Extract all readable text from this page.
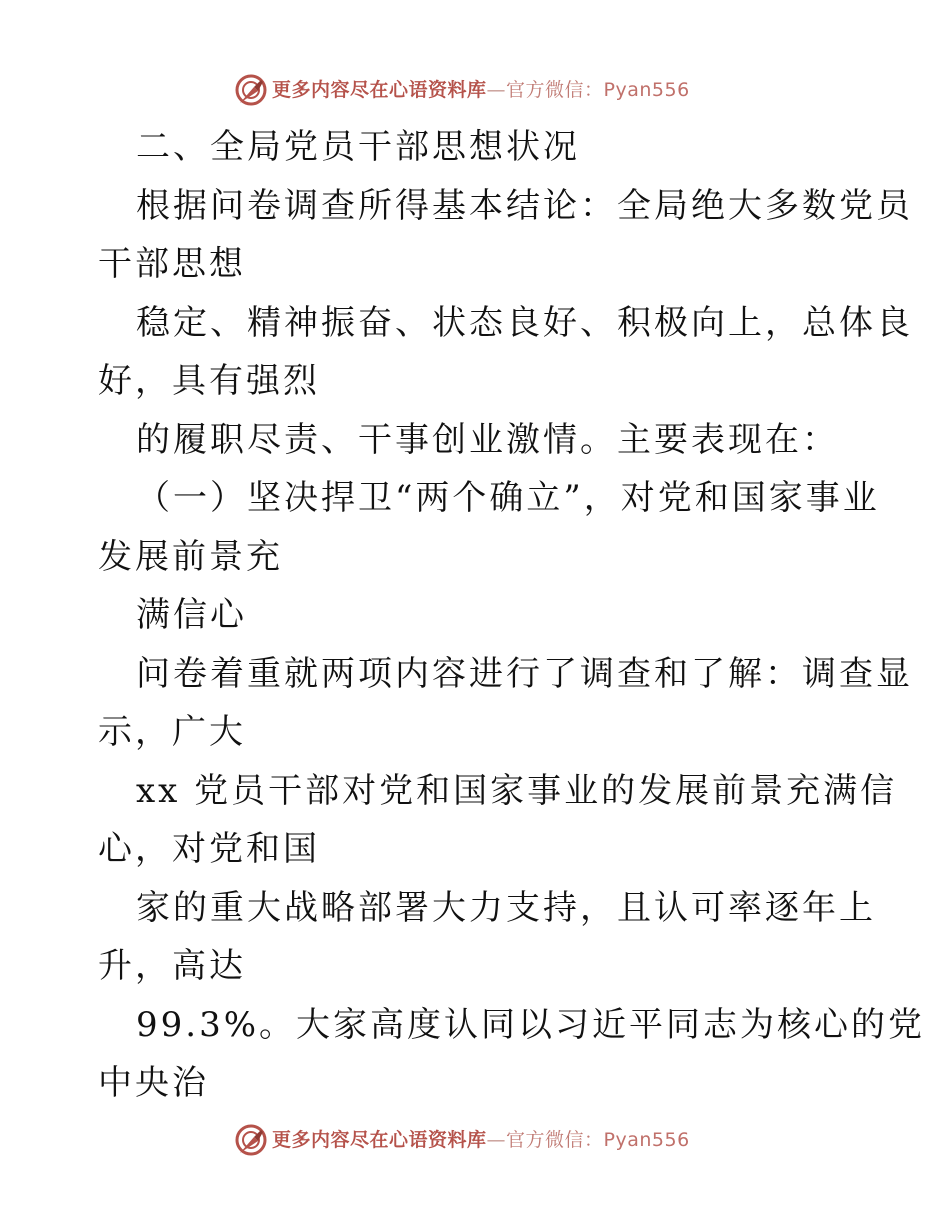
更多内容尽在心语资料库 — 官方微信： Pyan556
二、全局党员干部思想状况
根据问卷调查所得基本结论：全局绝大多数党员
干部思想
稳定、精神振奋、状态良好、积极向上，总体良
好，具有强烈
的履职尽责、干事创业激情。主要表现在：
（一）坚决捍卫“两个确立”，对党和国家事业
发展前景充
满信心
问卷着重就两项内容进行了调查和了解：调查显
示，广大
xx 党员干部对党和国家事业的发展前景充满信
心，对党和国
家的重大战略部署大力支持，且认可率逐年上
升，高达
99.3%。大家高度认同以习近平同志为核心的党
中央治
更多内容尽在心语资料库 — 官方微信： Pyan556
